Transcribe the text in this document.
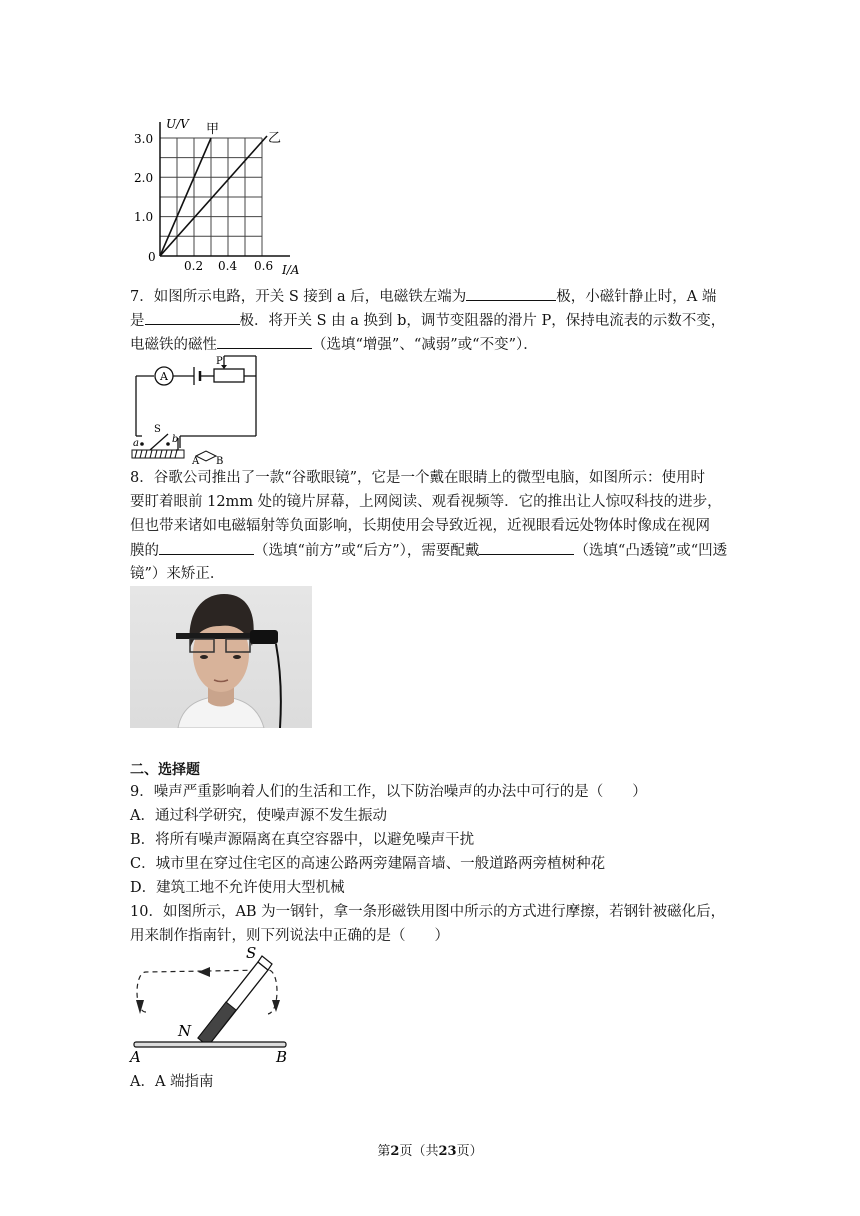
U/V
I/A
3.0
2.0
1.0
0
0.2 0.4 0.6
甲
乙
7．如图所示电路，开关 S 接到 a 后，电磁铁左端为	极，小磁针静止时，A 端
是	极．将开关 S 由 a 换到 b，调节变阻器的滑片 P，保持电流表的示数不变，
电磁铁的磁性	（选填“增强”、“减弱”或“不变”）．
A
P
S
a	b
A B
8．谷歌公司推出了一款“谷歌眼镜”，它是一个戴在眼睛上的微型电脑，如图所示：使用时
要盯着眼前 12mm 处的镜片屏幕，上网阅读、观看视频等．它的推出让人惊叹科技的进步，
但也带来诸如电磁辐射等负面影响，长期使用会导致近视，近视眼看远处物体时像成在视网
膜的	（选填“前方”或“后方”），需要配戴	（选填“凸透镜”或“凹透
镜”）来矫正．
二、选择题
9．噪声严重影响着人们的生活和工作，以下防治噪声的办法中可行的是（　　）
A．通过科学研究，使噪声源不发生振动
B．将所有噪声源隔离在真空容器中，以避免噪声干扰
C．城市里在穿过住宅区的高速公路两旁建隔音墙、一般道路两旁植树种花
D．建筑工地不允许使用大型机械
10．如图所示，AB 为一钢针，拿一条形磁铁用图中所示的方式进行摩擦，若钢针被磁化后，
用来制作指南针，则下列说法中正确的是（　　）
S
N
A	B
A．A 端指南
第2页（共23页）
